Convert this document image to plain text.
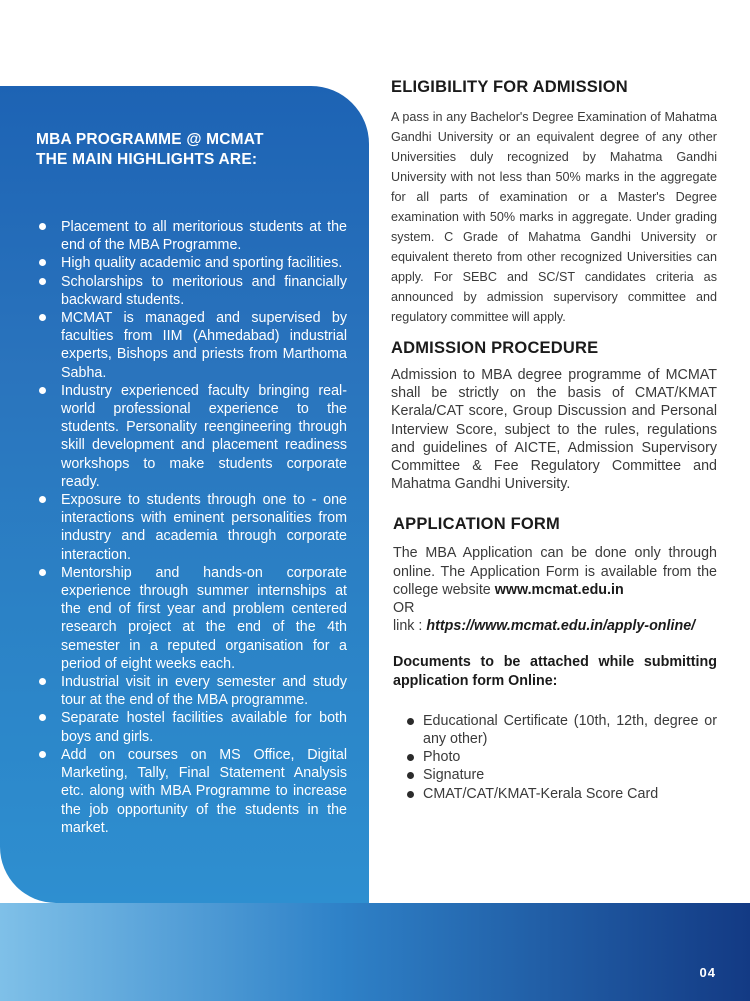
04
MBA PROGRAMME @ MCMAT
THE MAIN HIGHLIGHTS ARE:
Placement to all meritorious students at the end of the MBA Programme.
High quality academic and sporting facilities.
Scholarships to meritorious and financially backward students.
MCMAT is managed and supervised by faculties from IIM (Ahmedabad) industrial experts, Bishops and priests from Marthoma Sabha.
Industry experienced faculty bringing real-world professional experience to the students. Personality reengineering through skill development and placement readiness workshops to make students corporate ready.
Exposure to students through one to - one interactions with eminent personalities from industry and academia through corporate interaction.
Mentorship and hands-on corporate experience through summer internships at the end of first year and problem centered research project at the end of the 4th semester in a reputed organisation for a period of eight weeks each.
Industrial visit in every semester and study tour at the end of the MBA programme.
Separate hostel facilities available for both boys and girls.
Add on courses on MS Office, Digital Marketing, Tally, Final Statement Analysis etc. along with MBA Programme to increase the job opportunity of the students in the market.
ELIGIBILITY FOR ADMISSION

A pass in any Bachelor's Degree Examination of Mahatma Gandhi University or an equivalent degree of any other Universities duly recognized by Mahatma Gandhi University with not less than 50% marks in the aggregate for all parts of examination or a Master's Degree examination with 50% marks in aggregate. Under grading system. C Grade of Mahatma Gandhi University or equivalent thereto from other recognized Universities can apply. For SEBC and SC/ST candidates criteria as announced by admission supervisory committee and regulatory committee will apply.

ADMISSION PROCEDURE

Admission to MBA degree programme of MCMAT shall be strictly on the basis of CMAT/KMAT Kerala/CAT score, Group Discussion and Personal Interview Score, subject to the rules, regulations and guidelines of AICTE, Admission Supervisory Committee & Fee Regulatory Committee and Mahatma Gandhi University.

APPLICATION FORM

The MBA Application can be done only through online. The Application Form is available from the college website www.mcmat.edu.in
OR
link : https://www.mcmat.edu.in/apply-online/

Documents to be attached while submitting application form Online:

Educational Certificate (10th, 12th, degree or any other)
Photo
Signature
CMAT/CAT/KMAT-Kerala Score Card
